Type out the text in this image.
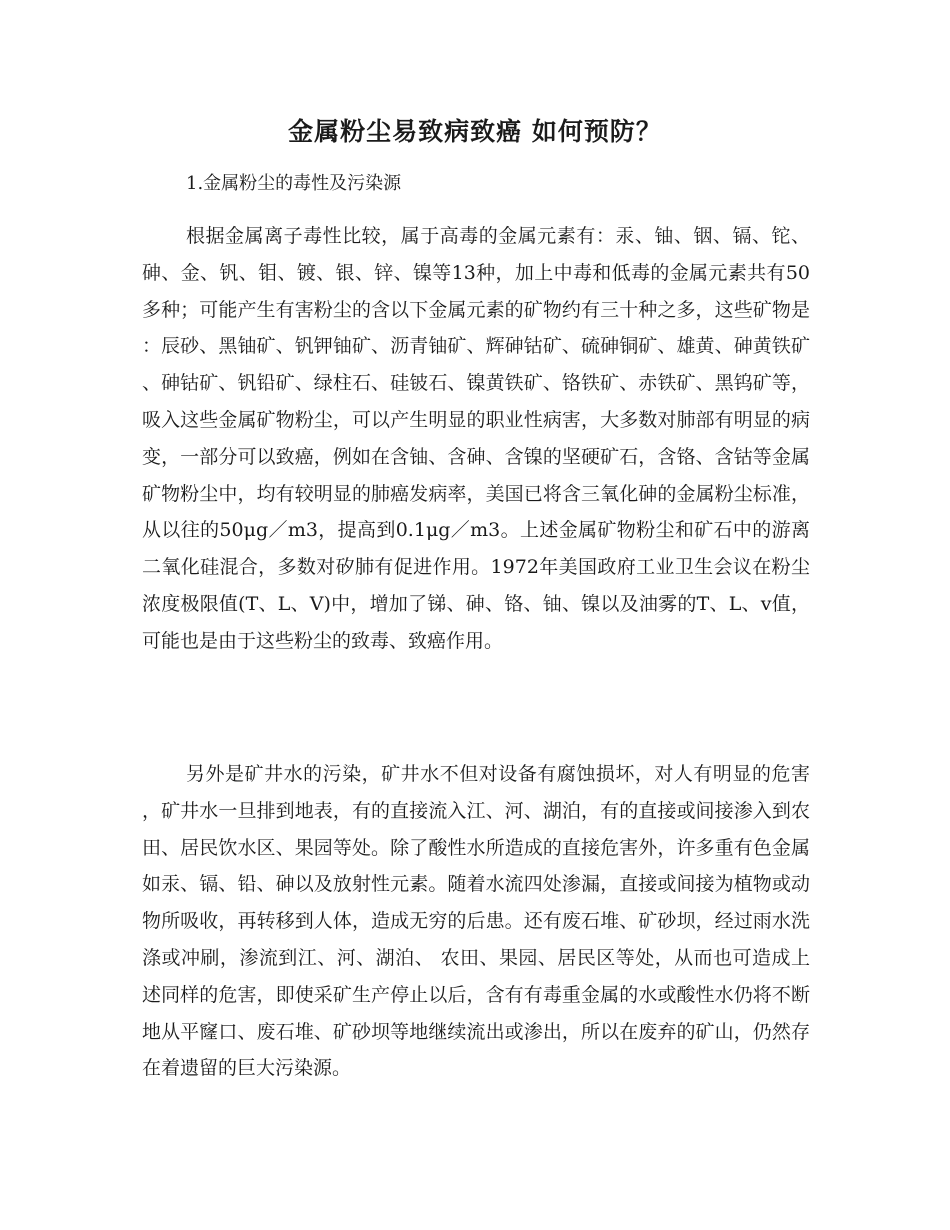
金属粉尘易致病致癌 如何预防？

1.金属粉尘的毒性及污染源

根据金属离子毒性比较，属于高毒的金属元素有：汞、铀、铟、镉、铊、砷、金、钒、钼、镀、银、锌、镍等13种，加上中毒和低毒的金属元素共有50多种；可能产生有害粉尘的含以下金属元素的矿物约有三十种之多，这些矿物是：辰砂、黑铀矿、钒钾铀矿、沥青铀矿、辉砷钴矿、硫砷铜矿、雄黄、砷黄铁矿、砷钴矿、钒铅矿、绿柱石、硅铍石、镍黄铁矿、铬铁矿、赤铁矿、黑钨矿等，吸入这些金属矿物粉尘，可以产生明显的职业性病害，大多数对肺部有明显的病变，一部分可以致癌，例如在含铀、含砷、含镍的坚硬矿石，含铬、含钴等金属矿物粉尘中，均有较明显的肺癌发病率，美国已将含三氧化砷的金属粉尘标准，从以往的50μg／m3，提高到0.1μg／m3。上述金属矿物粉尘和矿石中的游离二氧化硅混合，多数对矽肺有促进作用。1972年美国政府工业卫生会议在粉尘浓度极限值(T、L、V)中，增加了锑、砷、铬、铀、镍以及油雾的T、L、v值，可能也是由于这些粉尘的致毒、致癌作用。

另外是矿井水的污染，矿井水不但对设备有腐蚀损坏，对人有明显的危害，矿井水一旦排到地表，有的直接流入江、河、湖泊，有的直接或间接渗入到农田、居民饮水区、果园等处。除了酸性水所造成的直接危害外，许多重有色金属如汞、镉、铅、砷以及放射性元素。随着水流四处渗漏，直接或间接为植物或动物所吸收，再转移到人体，造成无穷的后患。还有废石堆、矿砂坝，经过雨水洗涤或冲刷，渗流到江、河、湖泊、 农田、果园、居民区等处，从而也可造成上述同样的危害，即使采矿生产停止以后，含有有毒重金属的水或酸性水仍将不断地从平窿口、废石堆、矿砂坝等地继续流出或渗出，所以在废弃的矿山，仍然存在着遗留的巨大污染源。
